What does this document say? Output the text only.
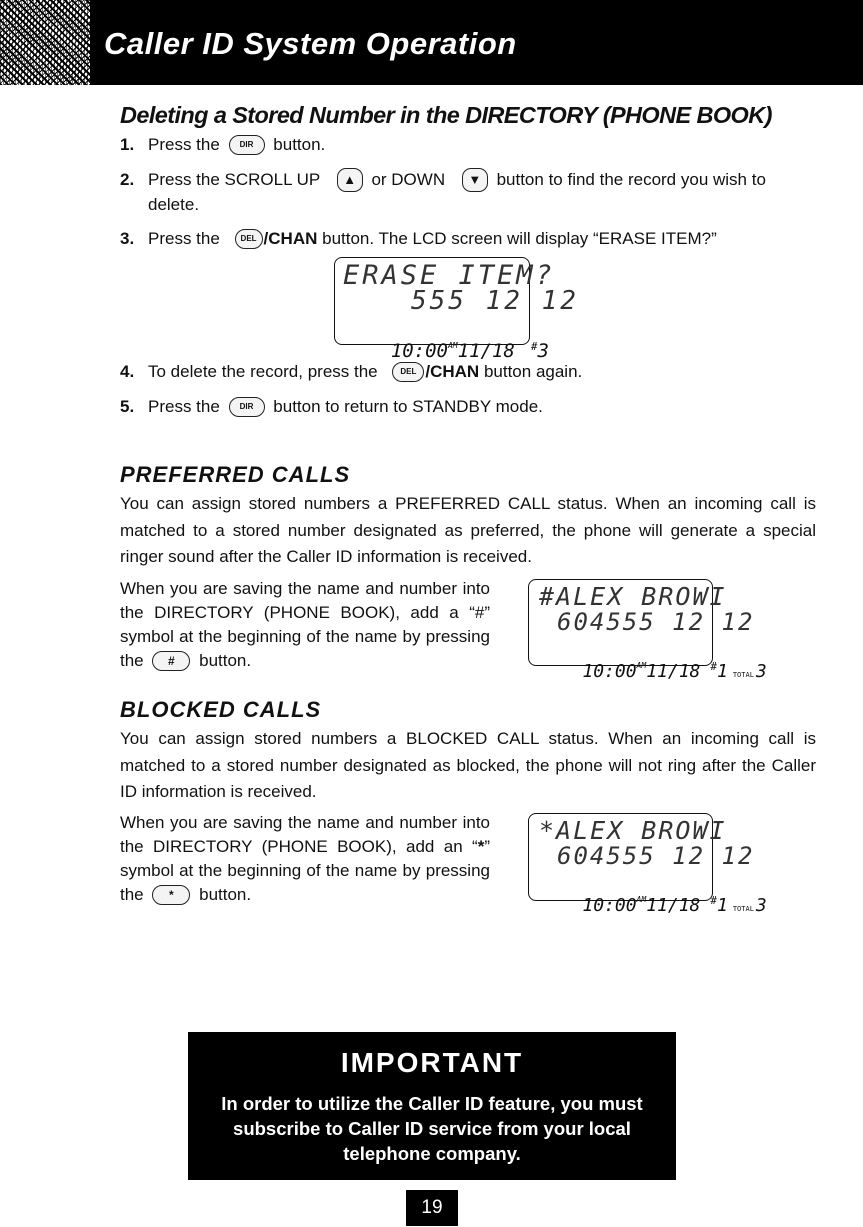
Caller ID System Operation
Deleting a Stored Number in the DIRECTORY (PHONE BOOK)
1. Press the DIR button.
2. Press the SCROLL UP ▲ or DOWN ▼ button to find the record you wish to delete.
3. Press the	DEL /CHAN button. The LCD screen will display “ERASE ITEM?”
ERASE ITEM?
555 12 12

$10:00^{AM}11/18$ #3

4. To delete the record, press the	DEL /CHAN button again.
5. Press the DIR button to return to STANDBY mode.
PREFERRED CALLS

You can assign stored numbers a PREFERRED CALL status. When an incoming call is matched to a stored number designated as preferred, the phone will generate a special ringer sound after the Caller ID information is received.

When you are saving the name and number into the DIRECTORY (PHONE BOOK), add a “#” symbol at the beginning of the name by pressing the # button.

#ALEX BROWI
604555 12 12

$10:00^{AM}11/18$ #1 TOTAL 3

BLOCKED CALLS

You can assign stored numbers a BLOCKED CALL status. When an incoming call is matched to a stored number designated as blocked, the phone will not ring after the Caller ID information is received.

When you are saving the name and number into the DIRECTORY (PHONE BOOK), add an “*” symbol at the beginning of the name by pressing the * button.

*ALEX BROWI
604555 12 12

$10:00^{AM}11/18$ #1 TOTAL 3

IMPORTANT

In order to utilize the Caller ID feature, you must subscribe to Caller ID service from your local telephone company.

19
